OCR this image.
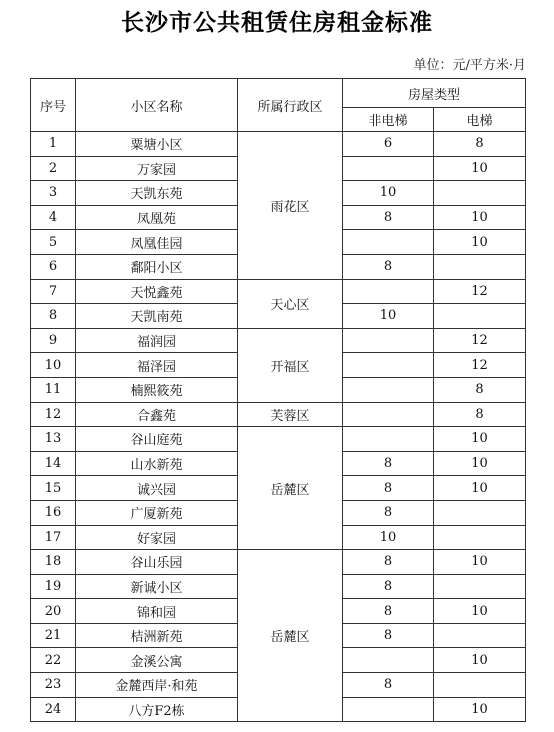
长沙市公共租赁住房租金标准
单位：元/平方米·月
序号	小区名称	所属行政区	房屋类型	
			非电梯	电梯
1	粟塘小区	雨花区	6	8
2	万家园			10
3	天凯东苑		10	
4	凤凰苑		8	10
5	凤凰佳园			10
6	鄱阳小区		8	
7	天悦鑫苑	天心区		12
8	天凯南苑		10	
9	福润园	开福区		12
10	福泽园			12
11	楠熙筱苑			8
12	合鑫苑	芙蓉区		8
13	谷山庭苑	岳麓区		10
14	山水新苑		8	10
15	诚兴园		8	10
16	广厦新苑		8	
17	好家园		10	
18	谷山乐园	岳麓区	8	10
19	新诚小区		8	
20	锦和园		8	10
21	桔洲新苑		8	
22	金溪公寓			10
23	金麓西岸·和苑		8	
24	八方F2栋			10
